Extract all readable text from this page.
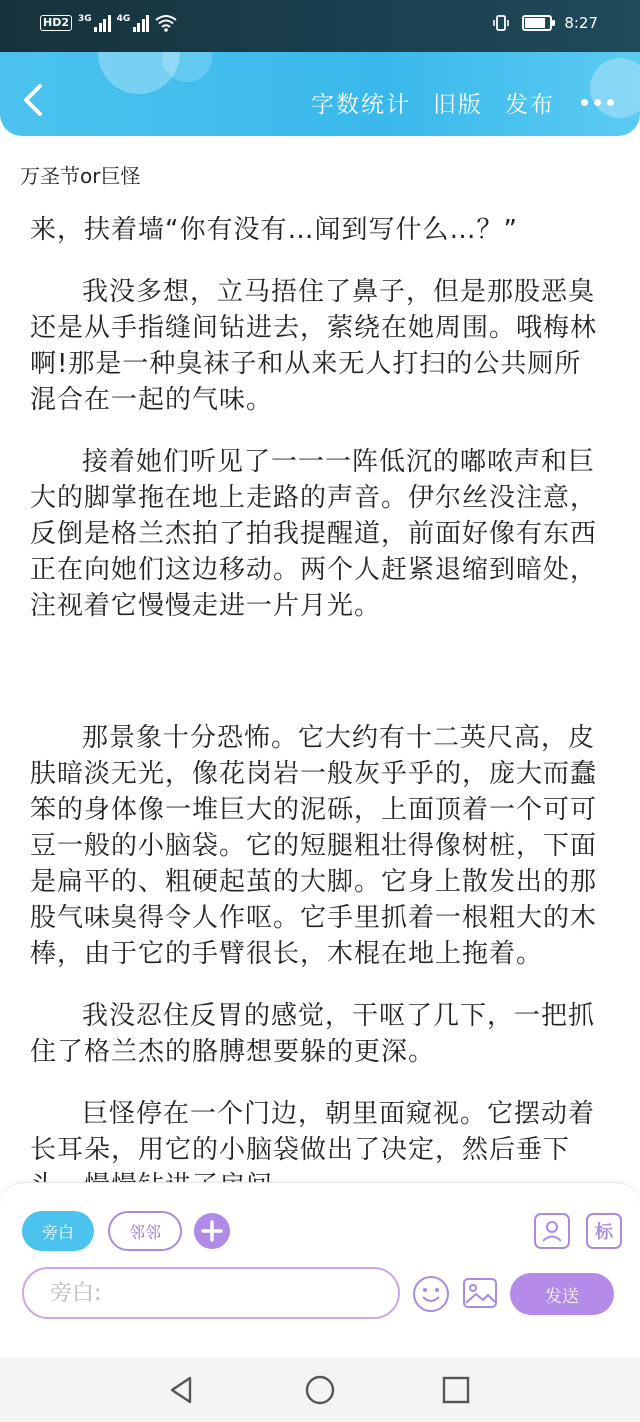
HD2	3G	4G	8:27
字数统计 旧版 发布
万圣节or巨怪

来，扶着墙“你有没有…闻到写什么…？”

我没多想，立马捂住了鼻子，但是那股恶臭还是从手指缝间钻进去，萦绕在她周围。哦梅林啊!那是一种臭袜子和从来无人打扫的公共厕所混合在一起的气味。

接着她们听见了一一一阵低沉的嘟哝声和巨大的脚掌拖在地上走路的声音。伊尔丝没注意，反倒是格兰杰拍了拍我提醒道，前面好像有东西正在向她们这边移动。两个人赶紧退缩到暗处，注视着它慢慢走进一片月光。

那景象十分恐怖。它大约有十二英尺高，皮肤暗淡无光，像花岗岩一般灰乎乎的，庞大而蠢笨的身体像一堆巨大的泥砾，上面顶着一个可可豆一般的小脑袋。它的短腿粗壮得像树桩，下面是扁平的、粗硬起茧的大脚。它身上散发出的那股气味臭得令人作呕。它手里抓着一根粗大的木棒，由于它的手臂很长，木棍在地上拖着。

我没忍住反胃的感觉，干呕了几下，一把抓住了格兰杰的胳膊想要躲的更深。

巨怪停在一个门边，朝里面窥视。它摆动着长耳朵，用它的小脑袋做出了决定，然后垂下

旁白	邻邻	标
旁白:
发送
